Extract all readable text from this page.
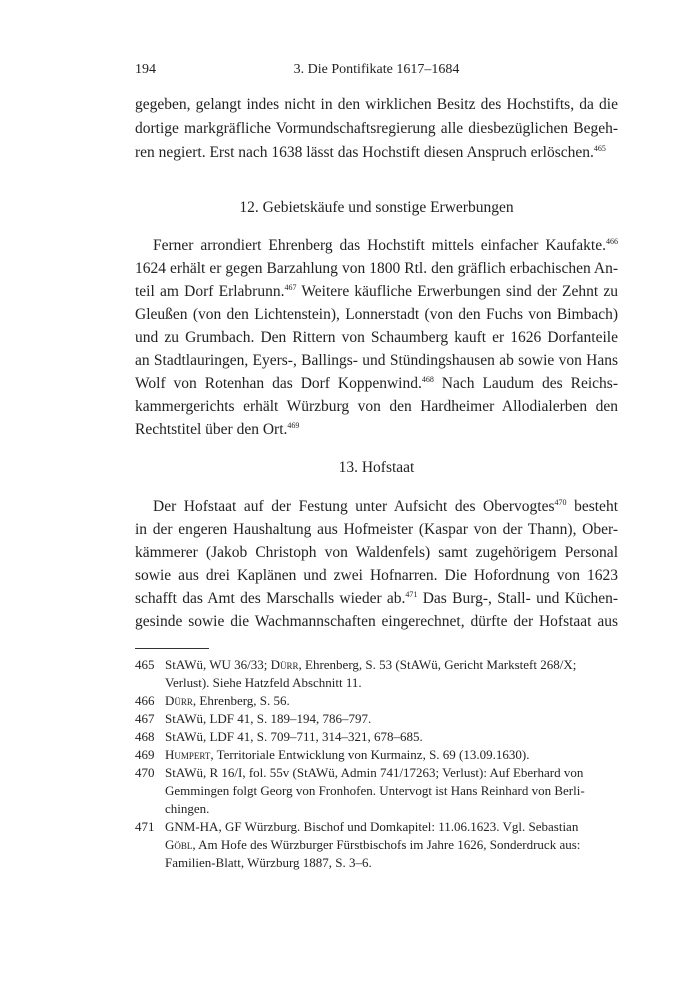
194	3. Die Pontifikate 1617–1684
gegeben, gelangt indes nicht in den wirklichen Besitz des Hochstifts, da die
dortige markgräfliche Vormundschaftsregierung alle diesbezüglichen Begeh-
ren negiert. Erst nach 1638 lässt das Hochstift diesen Anspruch erlöschen.$^{465}$
12. Gebietskäufe und sonstige Erwerbungen
Ferner arrondiert Ehrenberg das Hochstift mittels einfacher Kaufakte.$^{466}$
1624 erhält er gegen Barzahlung von 1800 Rtl. den gräflich erbachischen An-
teil am Dorf Erlabrunn.$^{467}$ Weitere käufliche Erwerbungen sind der Zehnt zu
Gleußen (von den Lichtenstein), Lonnerstadt (von den Fuchs von Bimbach)
und zu Grumbach. Den Rittern von Schaumberg kauft er 1626 Dorfanteile
an Stadtlauringen, Eyers-, Ballings- und Stündingshausen ab sowie von Hans
Wolf von Rotenhan das Dorf Koppenwind.$^{468}$ Nach Laudum des Reichs-
kammergerichts erhält Würzburg von den Hardheimer Allodialerben den
Rechtstitel über den Ort.$^{469}$
13. Hofstaat
Der Hofstaat auf der Festung unter Aufsicht des Obervogtes$^{470}$ besteht
in der engeren Haushaltung aus Hofmeister (Kaspar von der Thann), Ober-
kämmerer (Jakob Christoph von Waldenfels) samt zugehörigem Personal
sowie aus drei Kaplänen und zwei Hofnarren. Die Hofordnung von 1623
schafft das Amt des Marschalls wieder ab.$^{471}$ Das Burg-, Stall- und Küchen-
gesinde sowie die Wachmannschaften eingerechnet, dürfte der Hofstaat aus
465 StAWü, WU 36/33; Dürr, Ehrenberg, S. 53 (StAWü, Gericht Marksteft 268/X;
Verlust). Siehe Hatzfeld Abschnitt 11.
466 Dürr, Ehrenberg, S. 56.
467 StAWü, LDF 41, S. 189–194, 786–797.
468 StAWü, LDF 41, S. 709–711, 314–321, 678–685.
469 Humpert, Territoriale Entwicklung von Kurmainz, S. 69 (13.09.1630).
470 StAWü, R 16/I, fol. 55v (StAWü, Admin 741/17263; Verlust): Auf Eberhard von
Gemmingen folgt Georg von Fronhofen. Untervogt ist Hans Reinhard von Berli-
chingen.
471 GNM-HA, GF Würzburg. Bischof und Domkapitel: 11.06.1623. Vgl. Sebastian
Göbl, Am Hofe des Würzburger Fürstbischofs im Jahre 1626, Sonderdruck aus:
Familien-Blatt, Würzburg 1887, S. 3–6.
